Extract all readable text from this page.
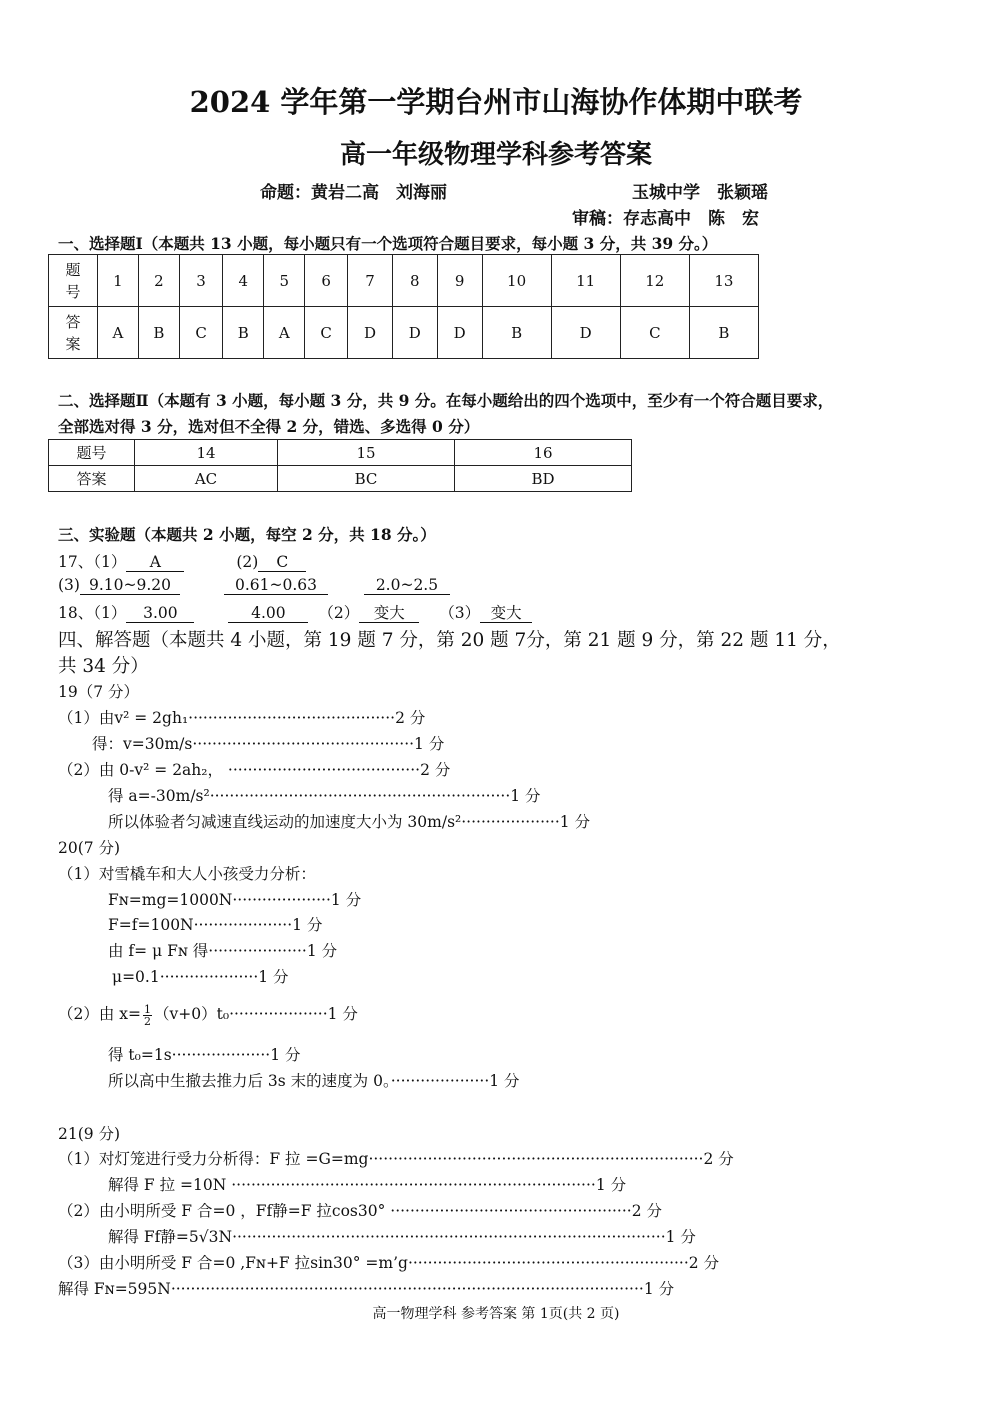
2024 学年第一学期台州市山海协作体期中联考
高一年级物理学科参考答案
命题：黄岩二高　刘海丽	玉城中学　张颖瑶
审稿：存志高中　陈　宏
一、选择题Ⅰ（本题共 13 小题，每小题只有一个选项符合题目要求，每小题 3 分，共 39 分。）
题
号	1	2	3	4	5	6	7	8	9	10	11	12	13
答
案	A	B	C	B	A	C	D	D	D	B	D	C	B
二、选择题Ⅱ（本题有 3 小题，每小题 3 分，共 9 分。在每小题给出的四个选项中，至少有一个符合题目要求，
全部选对得 3 分，选对但不全得 2 分，错选、多选得 0 分）
题号	14	15	16
答案	AC	BC	BD
三、实验题（本题共 2 小题，每空 2 分，共 18 分。）
17、（1） A	(2) C
(3) 9.10~9.20	0.61~0.63	2.0~2.5
18、（1） 3.00	4.00 （2） 变大 （3） 变大
四、解答题（本题共 4 小题，第 19 题 7 分，第 20 题 7分，第 21 题 9 分，第 22 题 11 分，
共 34 分）
19（7 分）
（1）由v² = 2gh₁··········································2 分
得：v=30m/s·············································1 分
（2）由 0-v² = 2ah₂， ·······································2 分
得 a=-30m/s²·····························································1 分
所以体验者匀减速直线运动的加速度大小为 30m/s²····················1 分
20(7 分)
（1）对雪橇车和大人小孩受力分析：
Fɴ=mg=1000N····················1 分
F=f=100N····················1 分
由 f= μ Fɴ 得····················1 分
μ=0.1····················1 分
（2）由 $x= \frac{1}{2} (v+0)t_0\cdot\cdot\cdot\cdot\cdot\cdot\cdot\cdot\cdot\cdot\cdot\cdot\cdot\cdot\cdot\cdot\cdot\cdot\cdot\cdot 1$ 分
得 t₀=1s····················1 分
所以高中生撤去推力后 3s 末的速度为 0。····················1 分
21(9 分)
（1）对灯笼进行受力分析得：F 拉 =G=mg····································································2 分
解得 F 拉 =10N ··········································································1 分
（2）由小明所受 F 合=0 ，Ff静=F 拉cos30° ·················································2 分
解得 Ff静=5√3N························································································1 分
（3）由小明所受 F 合=0 ,Fɴ+F 拉sin30° =m’g·························································2 分
解得 Fɴ=595N································································································1 分
高一物理学科 参考答案 第 1页(共 2 页)
